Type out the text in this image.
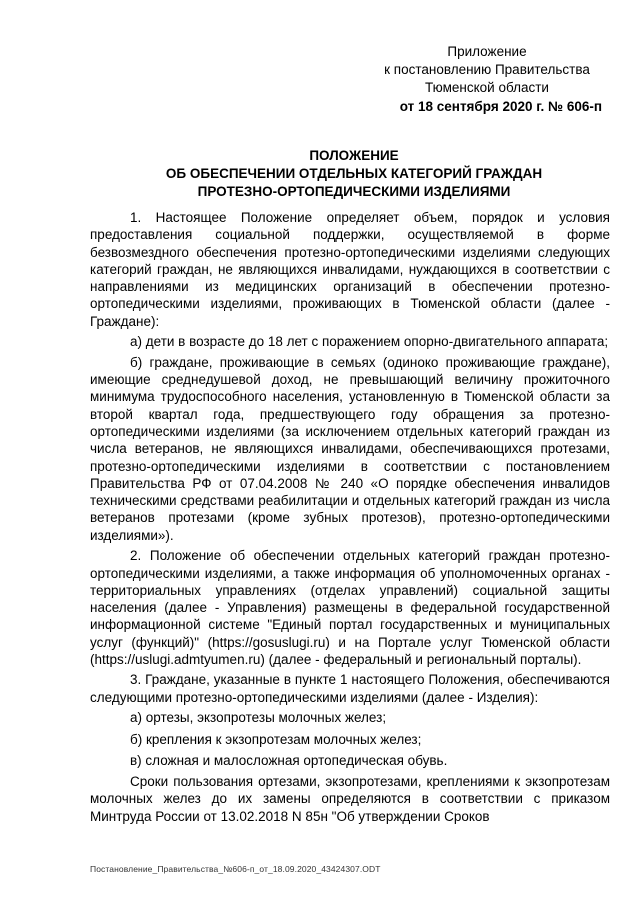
Приложение
к постановлению Правительства
Тюменской области
от 18 сентября 2020 г. № 606-п
ПОЛОЖЕНИЕ
ОБ ОБЕСПЕЧЕНИИ ОТДЕЛЬНЫХ КАТЕГОРИЙ ГРАЖДАН
ПРОТЕЗНО-ОРТОПЕДИЧЕСКИМИ ИЗДЕЛИЯМИ

1. Настоящее Положение определяет объем, порядок и условия предоставления социальной поддержки, осуществляемой в форме безвозмездного обеспечения протезно-ортопедическими изделиями следующих категорий граждан, не являющихся инвалидами, нуждающихся в соответствии с направлениями из медицинских организаций в обеспечении протезно-ортопедическими изделиями, проживающих в Тюменской области (далее - Граждане):

а) дети в возрасте до 18 лет с поражением опорно-двигательного аппарата;

б) граждане, проживающие в семьях (одиноко проживающие граждане), имеющие среднедушевой доход, не превышающий величину прожиточного минимума трудоспособного населения, установленную в Тюменской области за второй квартал года, предшествующего году обращения за протезно-ортопедическими изделиями (за исключением отдельных категорий граждан из числа ветеранов, не являющихся инвалидами, обеспечивающихся протезами, протезно-ортопедическими изделиями в соответствии с постановлением Правительства РФ от 07.04.2008 № 240 «О порядке обеспечения инвалидов техническими средствами реабилитации и отдельных категорий граждан из числа ветеранов протезами (кроме зубных протезов), протезно-ортопедическими изделиями»).

2. Положение об обеспечении отдельных категорий граждан протезно-ортопедическими изделиями, а также информация об уполномоченных органах - территориальных управлениях (отделах управлений) социальной защиты населения (далее - Управления) размещены в федеральной государственной информационной системе "Единый портал государственных и муниципальных услуг (функций)" (https://gosuslugi.ru) и на Портале услуг Тюменской области (https://uslugi.admtyumen.ru) (далее - федеральный и региональный порталы).

3. Граждане, указанные в пункте 1 настоящего Положения, обеспечиваются следующими протезно-ортопедическими изделиями (далее - Изделия):

а) ортезы, экзопротезы молочных желез;

б) крепления к экзопротезам молочных желез;

в) сложная и малосложная ортопедическая обувь.

Сроки пользования ортезами, экзопротезами, креплениями к экзопротезам молочных желез до их замены определяются в соответствии с приказом Минтруда России от 13.02.2018 N 85н "Об утверждении Сроков

Постановление_Правительства_№606-п_от_18.09.2020_43424307.ODT
